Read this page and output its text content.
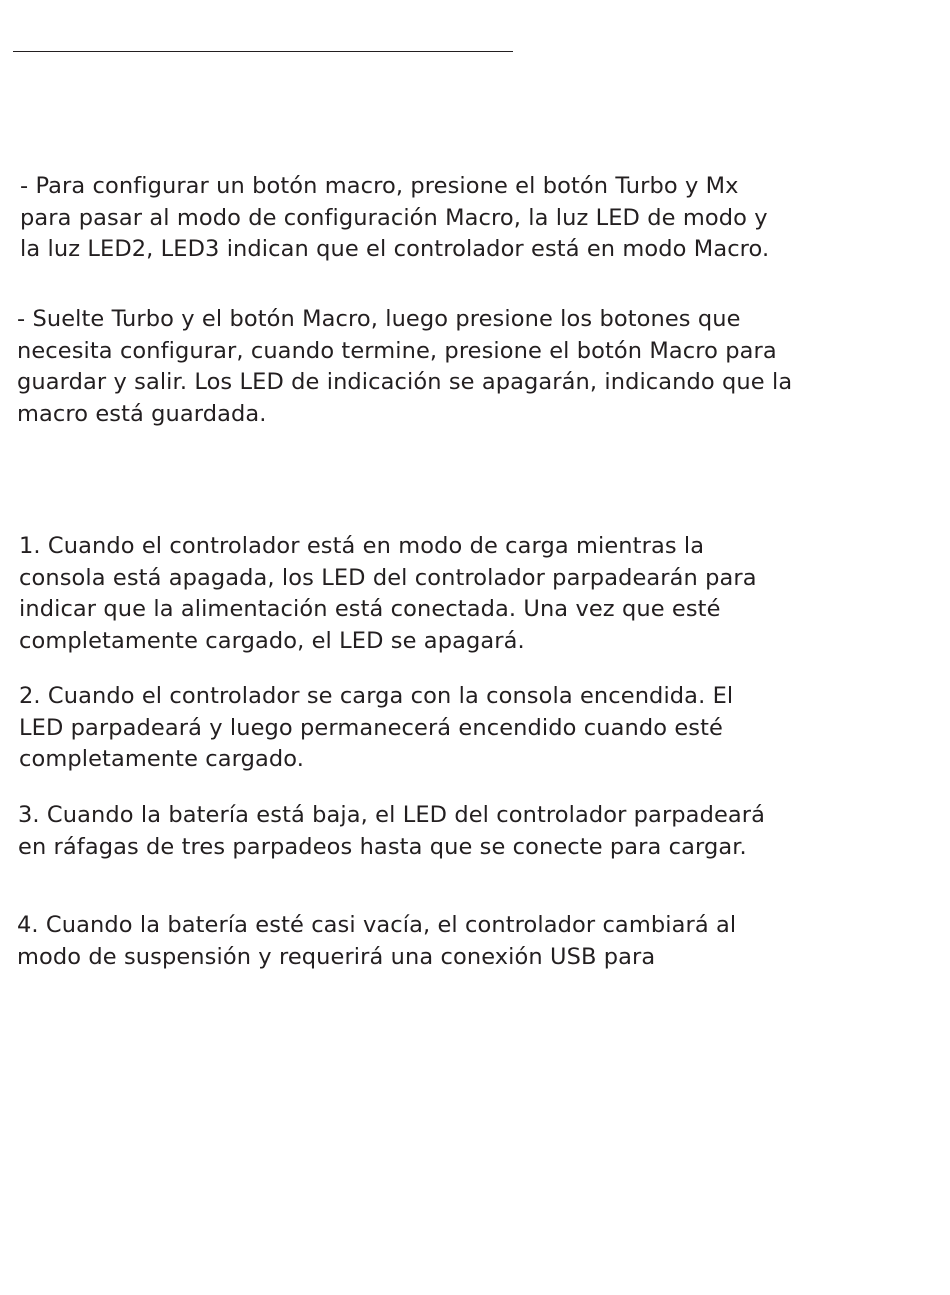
- Para configurar un botón macro, presione el botón Turbo y Mx
para pasar al modo de configuración Macro, la luz LED de modo y
la luz LED2, LED3 indican que el controlador está en modo Macro.

- Suelte Turbo y el botón Macro, luego presione los botones que
necesita configurar, cuando termine, presione el botón Macro para
guardar y salir. Los LED de indicación se apagarán, indicando que la
macro está guardada.

1. Cuando el controlador está en modo de carga mientras la
consola está apagada, los LED del controlador parpadearán para
indicar que la alimentación está conectada. Una vez que esté
completamente cargado, el LED se apagará.

2. Cuando el controlador se carga con la consola encendida. El
LED parpadeará y luego permanecerá encendido cuando esté
completamente cargado.

3. Cuando la batería está baja, el LED del controlador parpadeará
en ráfagas de tres parpadeos hasta que se conecte para cargar.

4. Cuando la batería esté casi vacía, el controlador cambiará al
modo de suspensión y requerirá una conexión USB para
